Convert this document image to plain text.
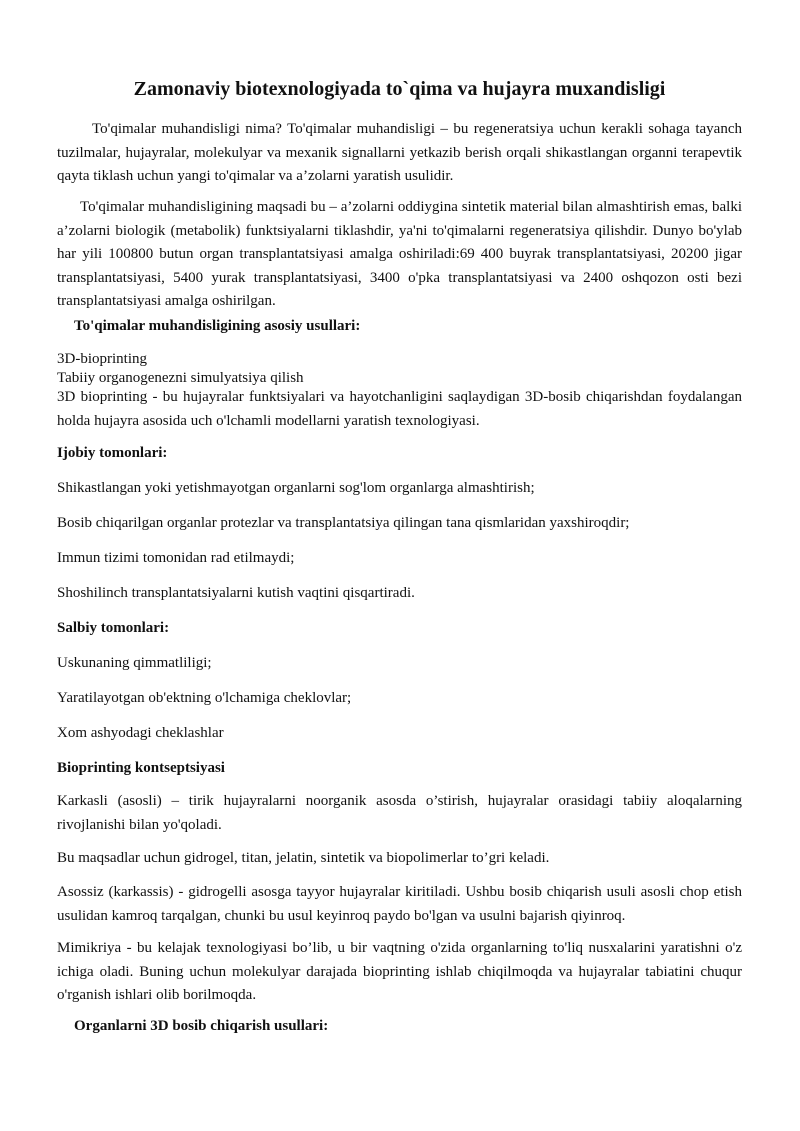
Zamonaviy biotexnologiyada to`qima va hujayra muxandisligi

To'qimalar muhandisligi nima? To'qimalar muhandisligi – bu regeneratsiya uchun kerakli sohaga tayanch tuzilmalar, hujayralar, molekulyar va mexanik signallarni yetkazib berish orqali shikastlangan organni terapevtik qayta tiklash uchun yangi to'qimalar va a’zolarni yaratish usulidir.

To'qimalar muhandisligining maqsadi bu – a’zolarni oddiygina sintetik material bilan almashtirish emas, balki a’zolarni biologik (metabolik) funktsiyalarni tiklashdir, ya'ni to'qimalarni regeneratsiya qilishdir. Dunyo bo'ylab har yili 100800 butun organ transplantatsiyasi amalga oshiriladi:69 400 buyrak transplantatsiyasi, 20200 jigar transplantatsiyasi, 5400 yurak transplantatsiyasi, 3400 o'pka transplantatsiyasi va 2400 oshqozon osti bezi transplantatsiyasi amalga oshirilgan.

To'qimalar muhandisligining asosiy usullari:

3D-bioprinting

Tabiiy organogenezni simulyatsiya qilish

3D bioprinting - bu hujayralar funktsiyalari va hayotchanligini saqlaydigan 3D-bosib chiqarishdan foydalangan holda hujayra asosida uch o'lchamli modellarni yaratish texnologiyasi.

Ijobiy tomonlari:

Shikastlangan yoki yetishmayotgan organlarni sog'lom organlarga almashtirish;

Bosib chiqarilgan organlar protezlar va transplantatsiya qilingan tana qismlaridan yaxshiroqdir;

Immun tizimi tomonidan rad etilmaydi;

Shoshilinch transplantatsiyalarni kutish vaqtini qisqartiradi.

Salbiy tomonlari:

Uskunaning qimmatliligi;

Yaratilayotgan ob'ektning o'lchamiga cheklovlar;

Xom ashyodagi cheklashlar

Bioprinting kontseptsiyasi

Karkasli (asosli) – tirik hujayralarni noorganik asosda o’stirish, hujayralar orasidagi tabiiy aloqalarning rivojlanishi bilan yo'qoladi.

Bu maqsadlar uchun gidrogel, titan, jelatin, sintetik va biopolimerlar to’gri keladi.

Asossiz (karkassis) - gidrogelli asosga tayyor hujayralar kiritiladi. Ushbu bosib chiqarish usuli asosli chop etish usulidan kamroq tarqalgan, chunki bu usul keyinroq paydo bo'lgan va usulni bajarish qiyinroq.

Mimikriya - bu kelajak texnologiyasi bo’lib, u bir vaqtning o'zida organlarning to'liq nusxalarini yaratishni o'z ichiga oladi. Buning uchun molekulyar darajada bioprinting ishlab chiqilmoqda va hujayralar tabiatini chuqur o'rganish ishlari olib borilmoqda.

Organlarni 3D bosib chiqarish usullari:
